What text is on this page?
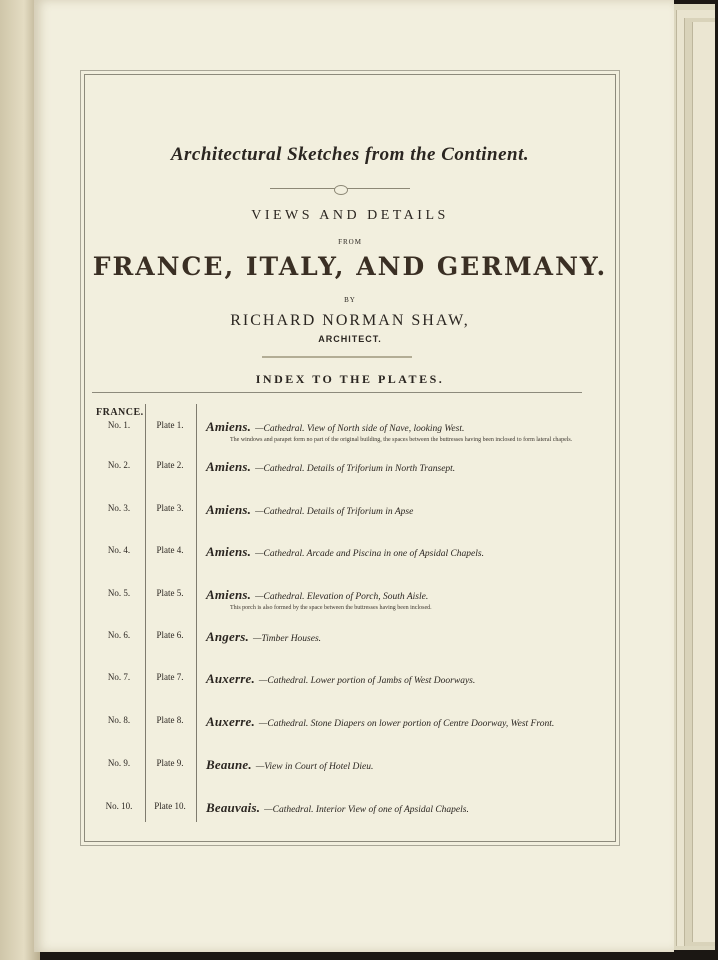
Architectural Sketches from the Continent.
VIEWS AND DETAILS
FROM
FRANCE, ITALY, AND GERMANY.
BY
RICHARD NORMAN SHAW,
ARCHITECT.
INDEX TO THE PLATES.
FRANCE.
No. 1.	Plate 1.	Amiens. —Cathedral. View of North side of Nave, looking West.
The windows and parapet form no part of the original building, the spaces between the buttresses having been inclosed to form lateral chapels.
No. 2.	Plate 2.	Amiens. —Cathedral. Details of Triforium in North Transept.
No. 3.	Plate 3.	Amiens. —Cathedral. Details of Triforium in Apse
No. 4.	Plate 4.	Amiens. —Cathedral. Arcade and Piscina in one of Apsidal Chapels.
No. 5.	Plate 5.	Amiens. —Cathedral. Elevation of Porch, South Aisle.
This porch is also formed by the space between the buttresses having been inclosed.
No. 6.	Plate 6.	Angers. —Timber Houses.
No. 7.	Plate 7.	Auxerre. —Cathedral. Lower portion of Jambs of West Doorways.
No. 8.	Plate 8.	Auxerre. —Cathedral. Stone Diapers on lower portion of Centre Doorway, West Front.
No. 9.	Plate 9.	Beaune. —View in Court of Hotel Dieu.
No. 10.	Plate 10.	Beauvais. —Cathedral. Interior View of one of Apsidal Chapels.
